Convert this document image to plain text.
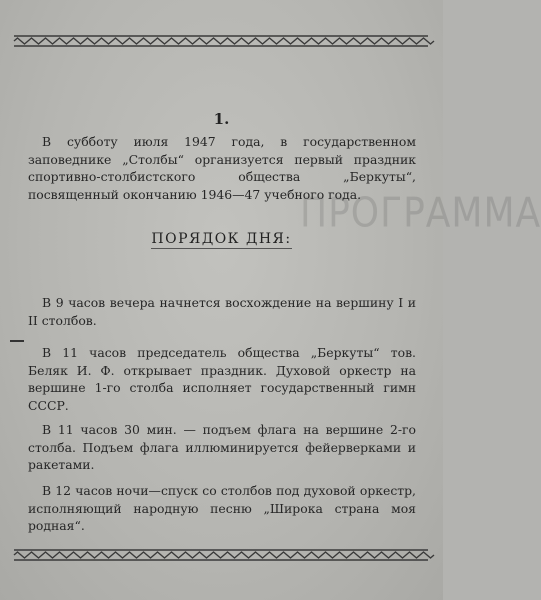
ПРОГРАММА
1.

В субботу июля 1947 года, в государственном заповеднике „Столбы“ организуется первый праздник спортивно-столбистского общества „Беркуты“, посвященный окончанию 1946—47 учебного года.

ПОРЯДОК ДНЯ:

В 9 часов вечера начнется восхождение на вершину I и II столбов.

В 11 часов председатель общества „Беркуты“ тов. Беляк И. Ф. открывает праздник. Духовой оркестр на вершине 1-го столба исполняет государственный гимн СССР.

В 11 часов 30 мин. — подъем флага на вершине 2-го столба. Подъем флага иллюминируется фейерверками и ракетами.

В 12 часов ночи—спуск со столбов под духовой оркестр, исполняющий народную песню „Широка страна моя родная“.
